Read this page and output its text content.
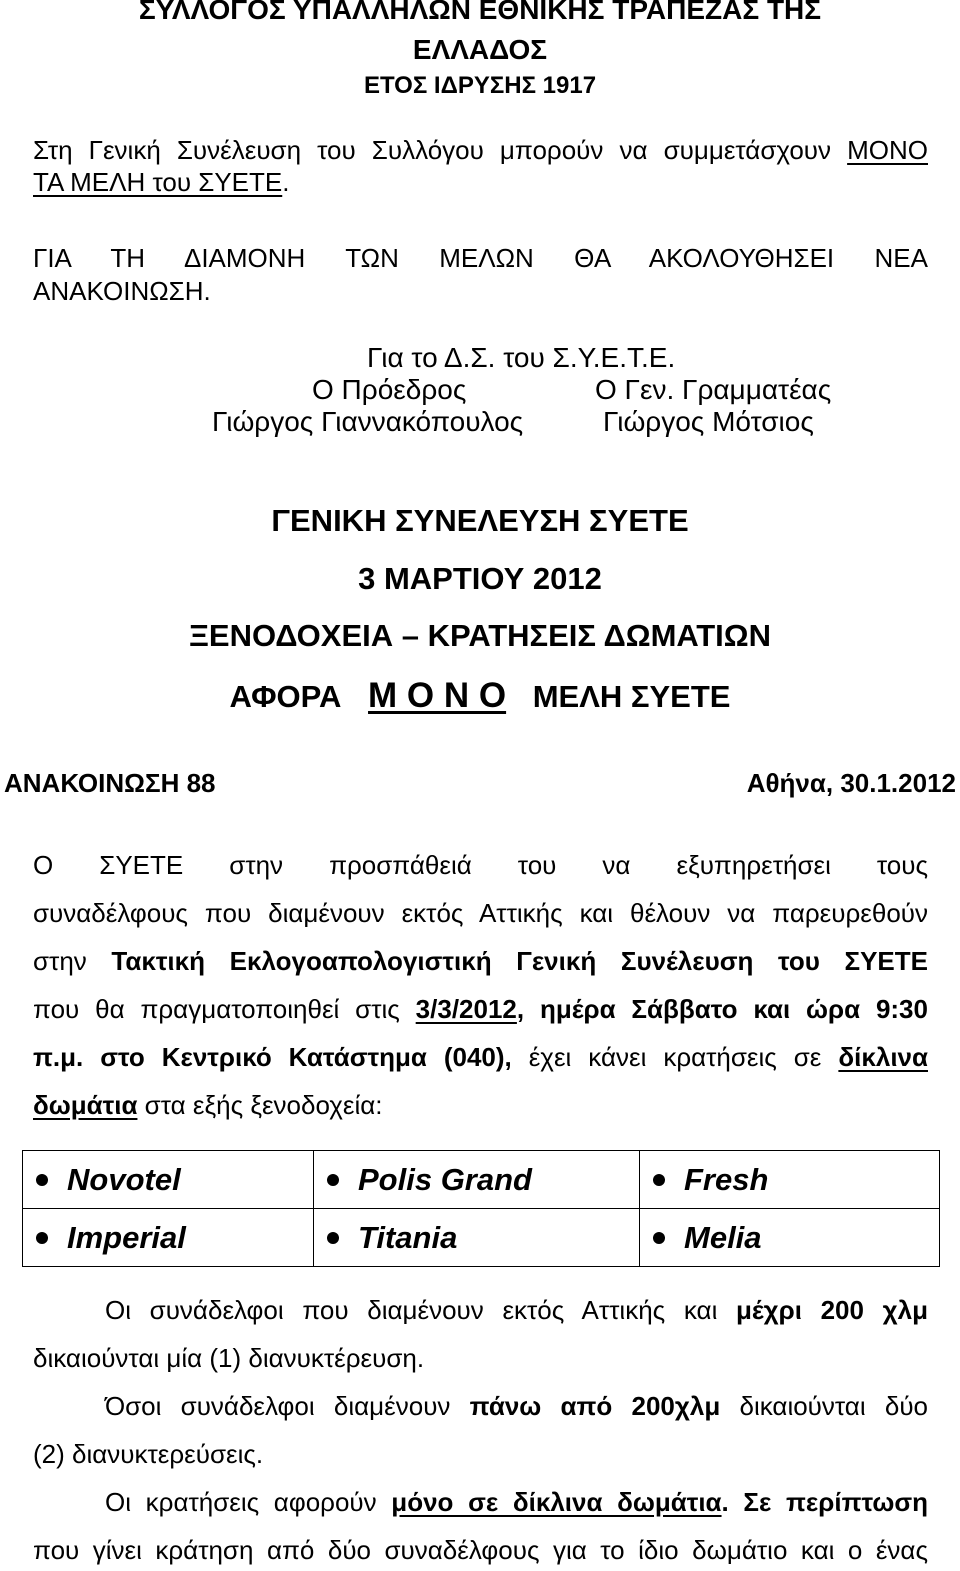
ΣΥΛΛΟΓΟΣ ΥΠΑΛΛΗΛΩΝ ΕΘΝΙΚΗΣ ΤΡΑΠΕΖΑΣ ΤΗΣ
ΕΛΛΑΔΟΣ
ΕΤΟΣ ΙΔΡΥΣΗΣ 1917
Στη Γενική Συνέλευση του Συλλόγου μπορούν να συμμετάσχουν ΜΟΝΟ
ΤΑ ΜΕΛΗ του ΣΥΕΤΕ.
ΓΙΑ ΤΗ ΔΙΑΜΟΝΗ ΤΩΝ ΜΕΛΩΝ ΘΑ ΑΚΟΛΟΥΘΗΣΕΙ ΝΕΑ
ΑΝΑΚΟΙΝΩΣΗ.
Για το Δ.Σ. του Σ.Υ.Ε.Τ.Ε.
Ο Πρόεδρος	Ο Γεν. Γραμματέας
Γιώργος Γιαννακόπουλος	Γιώργος Μότσιος
ΓΕΝΙΚΗ ΣΥΝΕΛΕΥΣΗ ΣΥΕΤΕ
3 ΜΑΡΤΙΟΥ 2012
ΞΕΝΟΔΟΧΕΙΑ – ΚΡΑΤΗΣΕΙΣ ΔΩΜΑΤΙΩΝ
ΑΦΟΡΑ Μ Ο Ν Ο ΜΕΛΗ ΣΥΕΤΕ
ΑΝΑΚΟΙΝΩΣΗ 88	Αθήνα, 30.1.2012
Ο ΣΥΕΤΕ στην προσπάθειά του να εξυπηρετήσει τους
συναδέλφους που διαμένουν εκτός Αττικής και θέλουν να παρευρεθούν
στην Τακτική Εκλογοαπολογιστική Γενική Συνέλευση του ΣΥΕΤΕ
που θα πραγματοποιηθεί στις 3/3/2012, ημέρα Σάββατο και ώρα 9:30
π.μ. στο Κεντρικό Κατάστημα (040), έχει κάνει κρατήσεις σε δίκλινα
δωμάτια στα εξής ξενοδοχεία:
Novotel	Polis Grand	Fresh

Imperial	Titania	Melia
Οι συνάδελφοι που διαμένουν εκτός Αττικής και μέχρι 200 χλμ
δικαιούνται μία (1) διανυκτέρευση.
Όσοι συνάδελφοι διαμένουν πάνω από 200χλμ δικαιούνται δύο
(2) διανυκτερεύσεις.
Οι κρατήσεις αφορούν μόνο σε δίκλινα δωμάτια. Σε περίπτωση
που γίνει κράτηση από δύο συναδέλφους για το ίδιο δωμάτιο και ο ένας
